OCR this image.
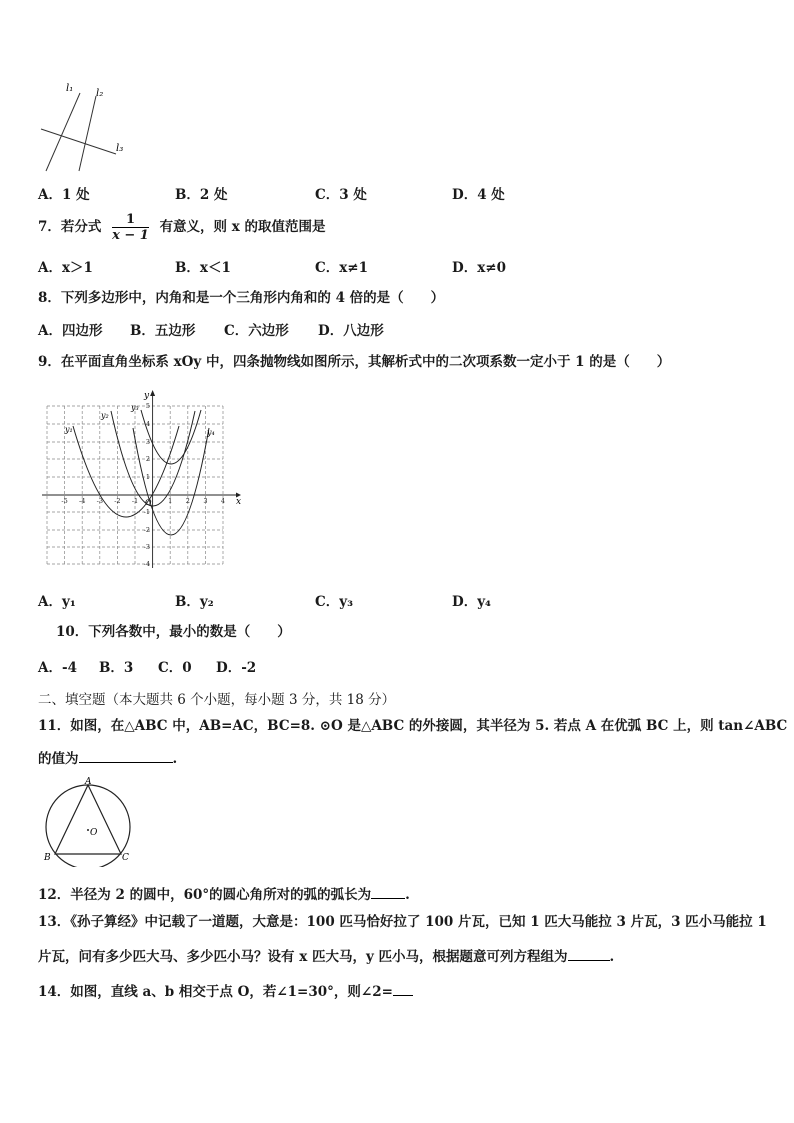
l₁ l₂
l₃
A．1 处	B．2 处	C．3 处	D．4 处
7．若分式 $\frac{1}{x - 1}$ 有意义，则 x 的取值范围是
A．x＞1	B．x＜1	C．x≠1	D．x≠0
8．下列多边形中，内角和是一个三角形内角和的 4 倍的是（　　）
A．四边形 B．五边形 C．六边形 D．八边形
9．在平面直角坐标系 xOy 中，四条抛物线如图所示，其解析式中的二次项系数一定小于 1 的是（　　）
x
y
O
-5 -4 -3 -2 -1	1 2 3 4
5
4
3
2
1
-1
-2
-3
-4
y₁
y₂
y₃
y₄
A．y₁	B．y₂	C．y₃	D．y₄
10．下列各数中，最小的数是（　　）
A．-4 B．3 C．0 D．-2
二、填空题（本大题共 6 个小题，每小题 3 分，共 18 分）
11．如图，在△ABC 中，AB=AC，BC=8. ⊙O 是△ABC 的外接圆，其半径为 5. 若点 A 在优弧 BC 上，则 tan∠ABC
的值为	.
A
B	C
O
12．半径为 2 的圆中，60°的圆心角所对的弧的弧长为	.
13．《孙子算经》中记载了一道题，大意是：100 匹马恰好拉了 100 片瓦，已知 1 匹大马能拉 3 片瓦，3 匹小马能拉 1
片瓦，问有多少匹大马、多少匹小马？设有 x 匹大马，y 匹小马，根据题意可列方程组为	.
14．如图，直线 a、b 相交于点 O，若∠1=30°，则∠2=
